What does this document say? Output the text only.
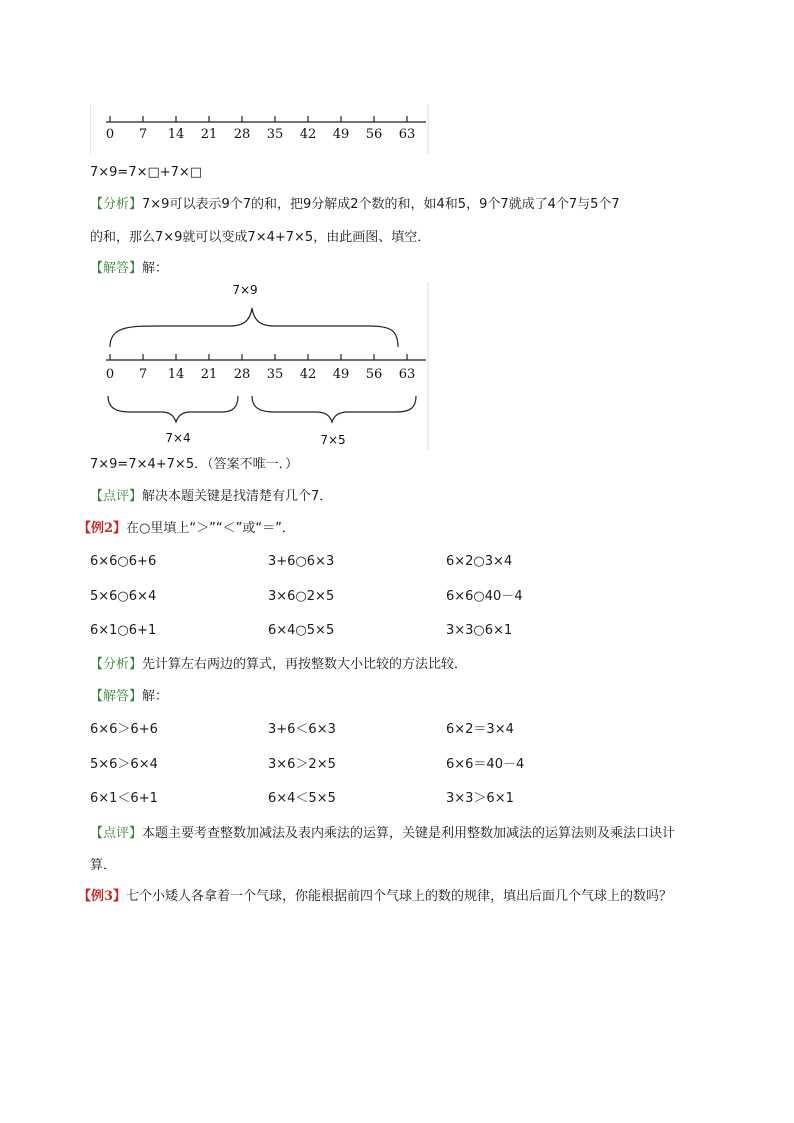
0 7 14 21 28 35 42 49 56 63
7×9=7×□+7×□
【分析】7×9可以表示9个7的和，把9分解成2个数的和，如4和5，9个7就成了4个7与5个7
的和，那么7×9就可以变成7×4+7×5，由此画图、填空．
【解答】解：
7×9
0 7 14 21 28 35 42 49 56 63
7×4	7×5
7×9=7×4+7×5．（答案不唯一．）
【点评】解决本题关键是找清楚有几个7．
【例2】在○里填上“＞”“＜”或“＝”．
6×6○6+6	3+6○6×3	6×2○3×4
5×6○6×4	3×6○2×5	6×6○40－4
6×1○6+1	6×4○5×5	3×3○6×1
【分析】先计算左右两边的算式，再按整数大小比较的方法比较．
【解答】解：
6×6＞6+6	3+6＜6×3	6×2＝3×4
5×6＞6×4	3×6＞2×5	6×6＝40－4
6×1＜6+1	6×4＜5×5	3×3＞6×1
【点评】本题主要考查整数加减法及表内乘法的运算，关键是利用整数加减法的运算法则及乘法口诀计
算．
【例3】七个小矮人各拿着一个气球，你能根据前四个气球上的数的规律，填出后面几个气球上的数吗？
